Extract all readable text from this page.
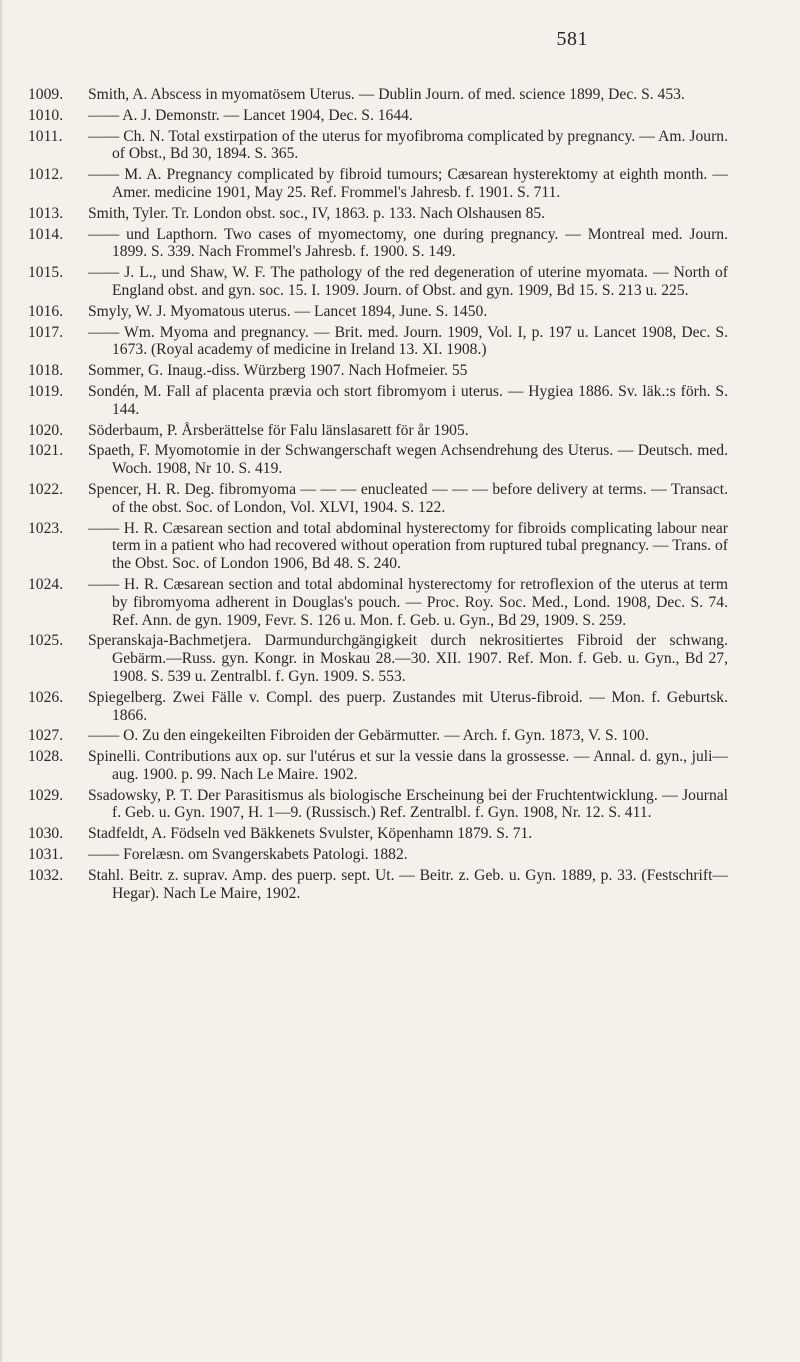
581
1009.	Smith, A. Abscess in myomatösem Uterus. — Dublin Journ. of med. science 1899, Dec. S. 453.
1010.	—— A. J. Demonstr. — Lancet 1904, Dec. S. 1644.
1011.	—— Ch. N. Total exstirpation of the uterus for myofibroma complicated by pregnancy. — Am. Journ. of Obst., Bd 30, 1894. S. 365.
1012.	—— M. A. Pregnancy complicated by fibroid tumours; Cæsarean hysterektomy at eighth month. — Amer. medicine 1901, May 25. Ref. Frommel's Jahresb. f. 1901. S. 711.
1013.	Smith, Tyler. Tr. London obst. soc., IV, 1863. p. 133. Nach Olshausen 85.
1014.	—— und Lapthorn. Two cases of myomectomy, one during pregnancy. — Montreal med. Journ. 1899. S. 339. Nach Frommel's Jahresb. f. 1900. S. 149.
1015.	—— J. L., und Shaw, W. F. The pathology of the red degeneration of uterine myomata. — North of England obst. and gyn. soc. 15. I. 1909. Journ. of Obst. and gyn. 1909, Bd 15. S. 213 u. 225.
1016.	Smyly, W. J. Myomatous uterus. — Lancet 1894, June. S. 1450.
1017.	—— Wm. Myoma and pregnancy. — Brit. med. Journ. 1909, Vol. I, p. 197 u. Lancet 1908, Dec. S. 1673. (Royal academy of medicine in Ireland 13. XI. 1908.)
1018.	Sommer, G. Inaug.-diss. Würzberg 1907. Nach Hofmeier. 55
1019.	Sondén, M. Fall af placenta prævia och stort fibromyom i uterus. — Hygiea 1886. Sv. läk.:s förh. S. 144.
1020.	Söderbaum, P. Årsberättelse för Falu länslasarett för år 1905.
1021.	Spaeth, F. Myomotomie in der Schwangerschaft wegen Achsendrehung des Uterus. — Deutsch. med. Woch. 1908, Nr 10. S. 419.
1022.	Spencer, H. R. Deg. fibromyoma — — — enucleated — — — before delivery at terms. — Transact. of the obst. Soc. of London, Vol. XLVI, 1904. S. 122.
1023.	—— H. R. Cæsarean section and total abdominal hysterectomy for fibroids complicating labour near term in a patient who had recovered without operation from ruptured tubal pregnancy. — Trans. of the Obst. Soc. of London 1906, Bd 48. S. 240.
1024.	—— H. R. Cæsarean section and total abdominal hysterectomy for retroflexion of the uterus at term by fibromyoma adherent in Douglas's pouch. — Proc. Roy. Soc. Med., Lond. 1908, Dec. S. 74. Ref. Ann. de gyn. 1909, Fevr. S. 126 u. Mon. f. Geb. u. Gyn., Bd 29, 1909. S. 259.
1025.	Speranskaja-Bachmetjera. Darmundurchgängigkeit durch nekrositiertes Fibroid der schwang. Gebärm.—Russ. gyn. Kongr. in Moskau 28.—30. XII. 1907. Ref. Mon. f. Geb. u. Gyn., Bd 27, 1908. S. 539 u. Zentralbl. f. Gyn. 1909. S. 553.
1026.	Spiegelberg. Zwei Fälle v. Compl. des puerp. Zustandes mit Uterus-fibroid. — Mon. f. Geburtsk. 1866.
1027.	—— O. Zu den eingekeilten Fibroiden der Gebärmutter. — Arch. f. Gyn. 1873, V. S. 100.
1028.	Spinelli. Contributions aux op. sur l'utérus et sur la vessie dans la grossesse. — Annal. d. gyn., juli—aug. 1900. p. 99. Nach Le Maire. 1902.
1029.	Ssadowsky, P. T. Der Parasitismus als biologische Erscheinung bei der Fruchtentwicklung. — Journal f. Geb. u. Gyn. 1907, H. 1—9. (Russisch.) Ref. Zentralbl. f. Gyn. 1908, Nr. 12. S. 411.
1030.	Stadfeldt, A. Födseln ved Bäkkenets Svulster, Köpenhamn 1879. S. 71.
1031.	—— Forelæsn. om Svangerskabets Patologi. 1882.
1032.	Stahl. Beitr. z. suprav. Amp. des puerp. sept. Ut. — Beitr. z. Geb. u. Gyn. 1889, p. 33. (Festschrift—Hegar). Nach Le Maire, 1902.
